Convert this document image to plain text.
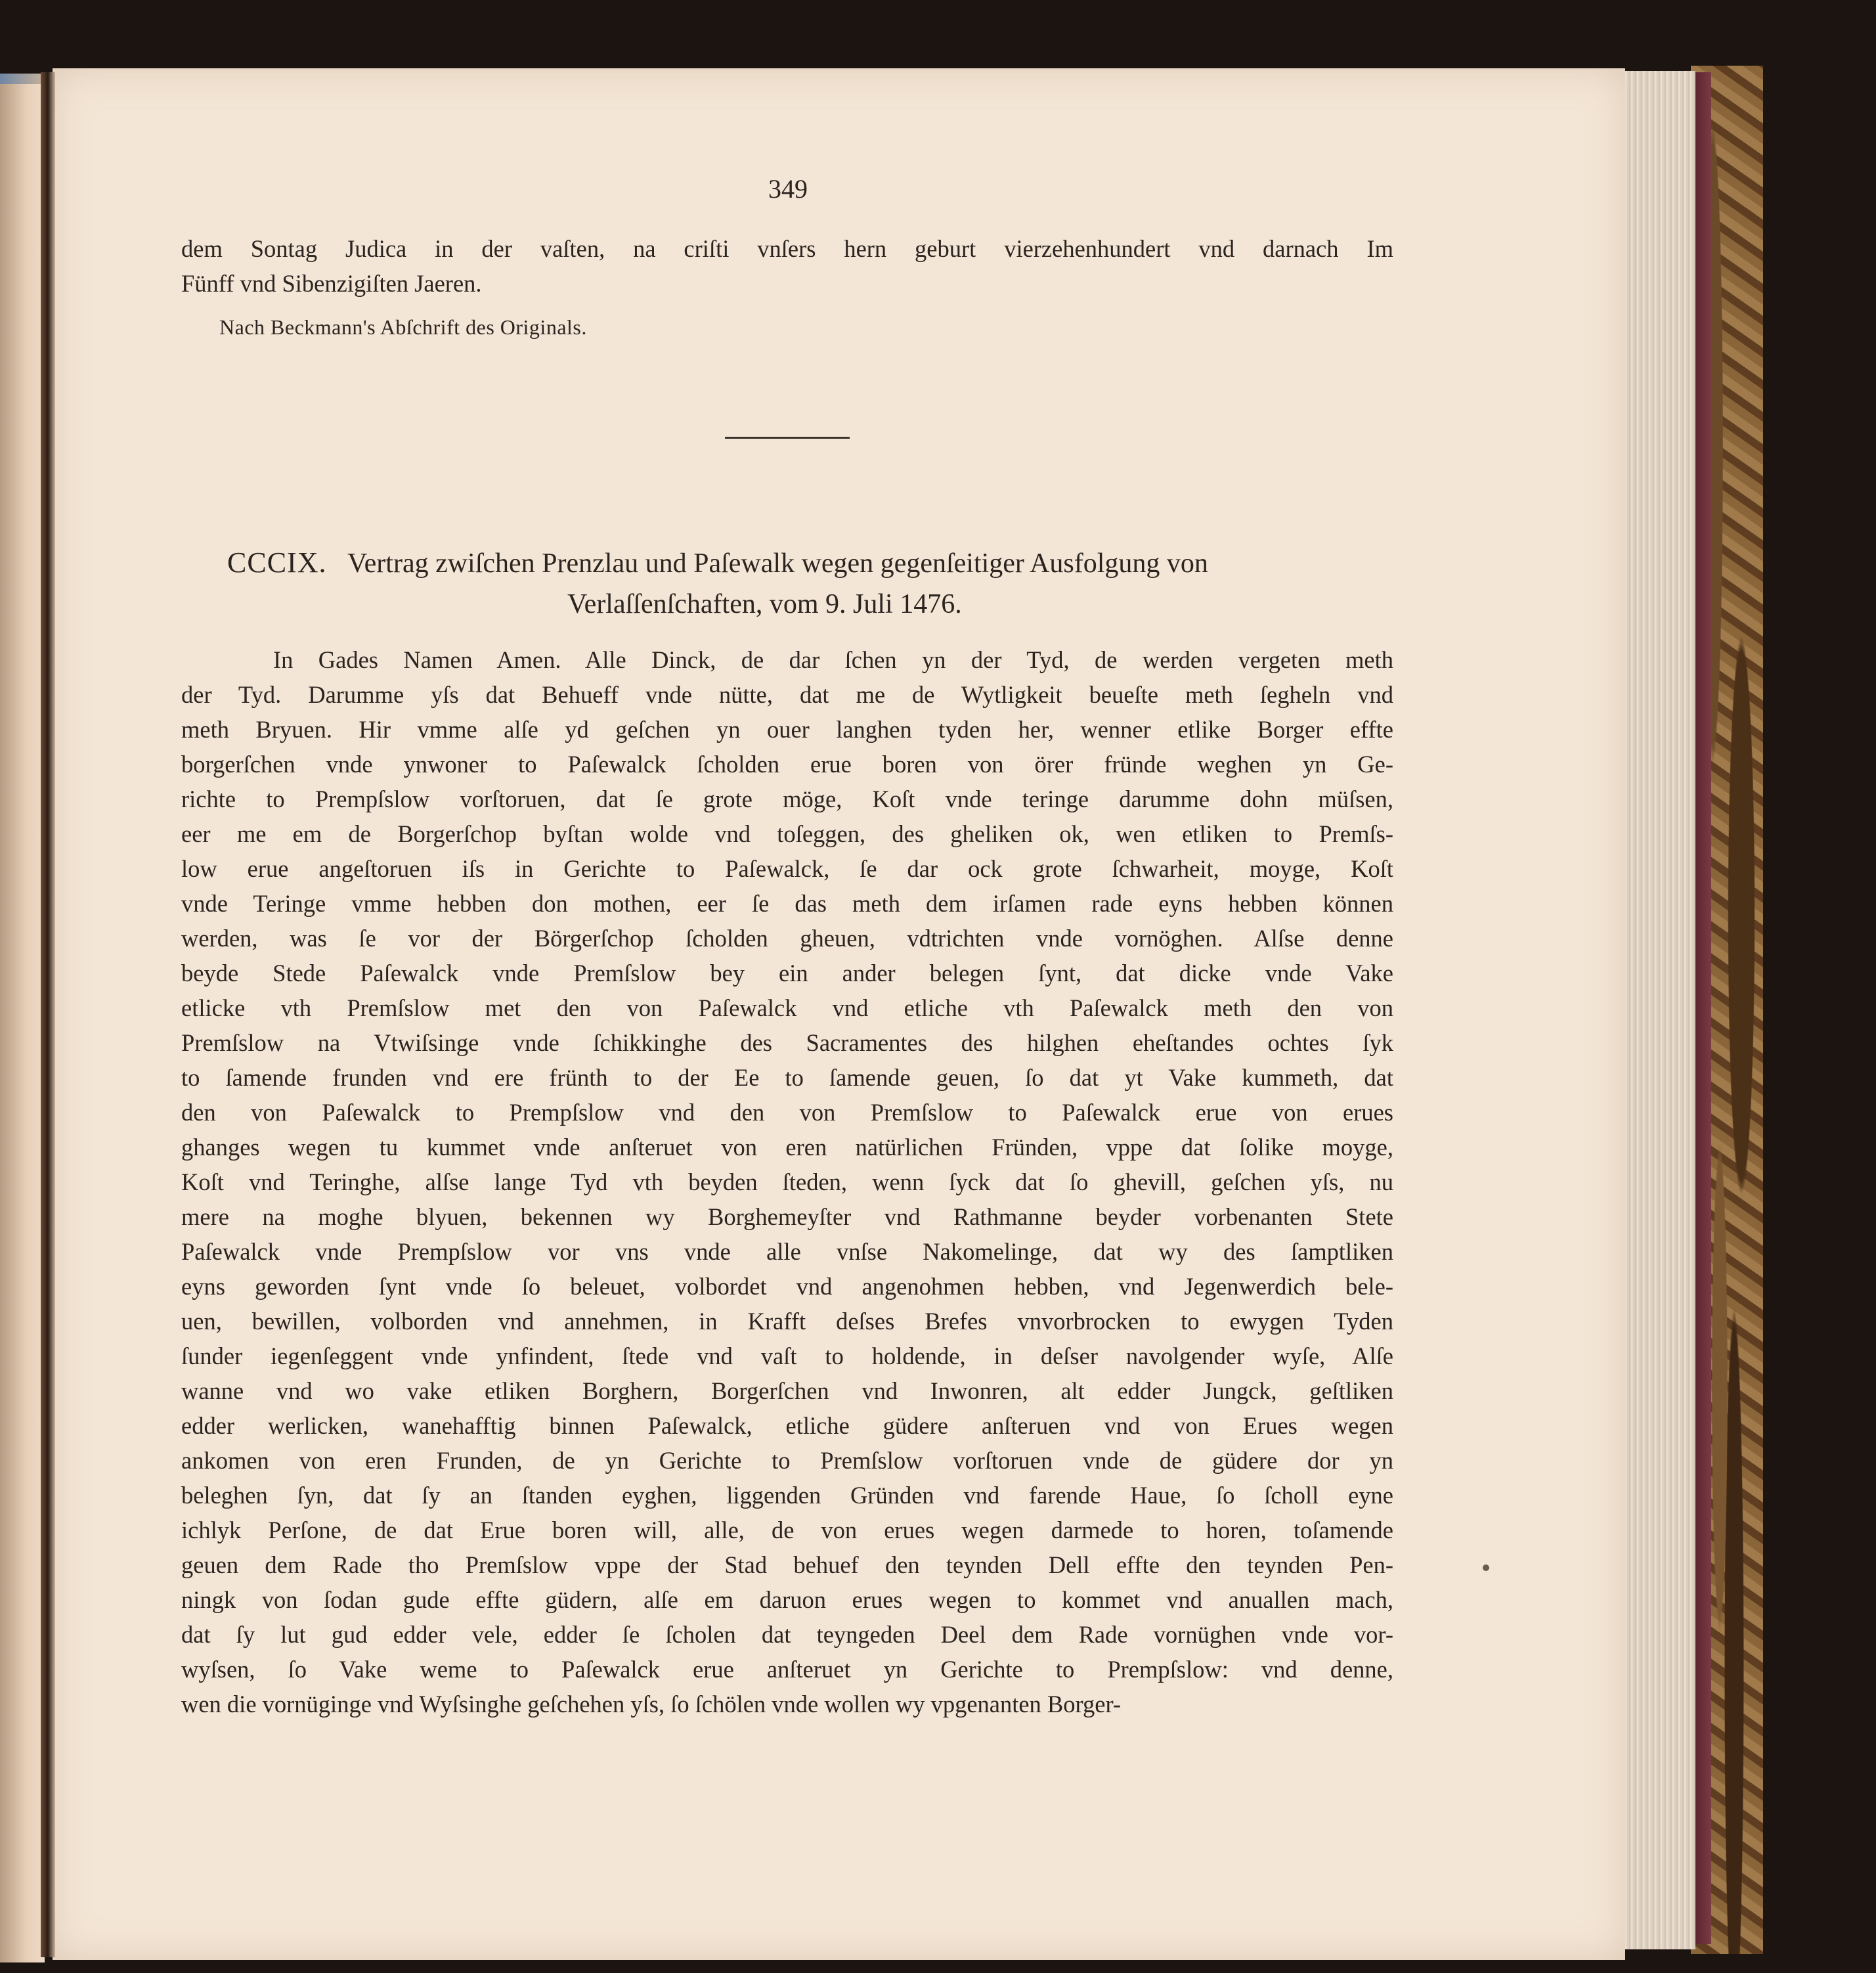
349
dem Sontag Judica in der vaſten, na criſti vnſers hern geburt vierzehenhundert vnd darnach Im
Fünff vnd Sibenzigiſten Jaeren.
Nach Beckmann's Abſchrift des Originals.
CCCIX. Vertrag zwiſchen Prenzlau und Paſewalk wegen gegenſeitiger Ausfolgung von
Verlaſſenſchaften, vom 9. Juli 1476.
In Gades Namen Amen. Alle Dinck, de dar ſchen yn der Tyd, de werden vergeten meth
der Tyd. Darumme yſs dat Behueff vnde nütte, dat me de Wytligkeit beueſte meth ſegheln vnd
meth Bryuen. Hir vmme alſe yd geſchen yn ouer langhen tyden her, wenner etlike Borger effte
borgerſchen vnde ynwoner to Paſewalck ſcholden erue boren von örer fründe weghen yn Ge-
richte to Prempſslow vorſtoruen, dat ſe grote möge, Koſt vnde teringe darumme dohn müſsen,
eer me em de Borgerſchop byſtan wolde vnd toſeggen, des gheliken ok, wen etliken to Premſs-
low erue angeſtoruen iſs in Gerichte to Paſewalck, ſe dar ock grote ſchwarheit, moyge, Koſt
vnde Teringe vmme hebben don mothen, eer ſe das meth dem irſamen rade eyns hebben können
werden, was ſe vor der Börgerſchop ſcholden gheuen, vdtrichten vnde vornöghen. Alſse denne
beyde Stede Paſewalck vnde Premſslow bey ein ander belegen ſynt, dat dicke vnde Vake
etlicke vth Premſslow met den von Paſewalck vnd etliche vth Paſewalck meth den von
Premſslow na Vtwiſsinge vnde ſchikkinghe des Sacramentes des hilghen eheſtandes ochtes ſyk
to ſamende frunden vnd ere frünth to der Ee to ſamende geuen, ſo dat yt Vake kummeth, dat
den von Paſewalck to Prempſslow vnd den von Premſslow to Paſewalck erue von erues
ghanges wegen tu kummet vnde anſteruet von eren natürlichen Fründen, vppe dat ſolike moyge,
Koſt vnd Teringhe, alſse lange Tyd vth beyden ſteden, wenn ſyck dat ſo ghevill, geſchen yſs, nu
mere na moghe blyuen, bekennen wy Borghemeyſter vnd Rathmanne beyder vorbenanten Stete
Paſewalck vnde Prempſslow vor vns vnde alle vnſse Nakomelinge, dat wy des ſamptliken
eyns geworden ſynt vnde ſo beleuet, volbordet vnd angenohmen hebben, vnd Jegenwerdich bele-
uen, bewillen, volborden vnd annehmen, in Krafft deſses Brefes vnvorbrocken to ewygen Tyden
ſunder iegenſeggent vnde ynfindent, ſtede vnd vaſt to holdende, in deſser navolgender wyſe, Alſe
wanne vnd wo vake etliken Borghern, Borgerſchen vnd Inwonren, alt edder Jungck, geſtliken
edder werlicken, wanehafftig binnen Paſewalck, etliche güdere anſteruen vnd von Erues wegen
ankomen von eren Frunden, de yn Gerichte to Premſslow vorſtoruen vnde de güdere dor yn
beleghen ſyn, dat ſy an ſtanden eyghen, liggenden Gründen vnd farende Haue, ſo ſcholl eyne
ichlyk Perſone, de dat Erue boren will, alle, de von erues wegen darmede to horen, toſamende
geuen dem Rade tho Premſslow vppe der Stad behuef den teynden Dell effte den teynden Pen-
ningk von ſodan gude effte güdern, alſe em daruon erues wegen to kommet vnd anuallen mach,
dat ſy lut gud edder vele, edder ſe ſcholen dat teyngeden Deel dem Rade vornüghen vnde vor-
wyſsen, ſo Vake weme to Paſewalck erue anſteruet yn Gerichte to Prempſslow: vnd denne,
wen die vornüginge vnd Wyſsinghe geſchehen yſs, ſo ſchölen vnde wollen wy vpgenanten Borger-
